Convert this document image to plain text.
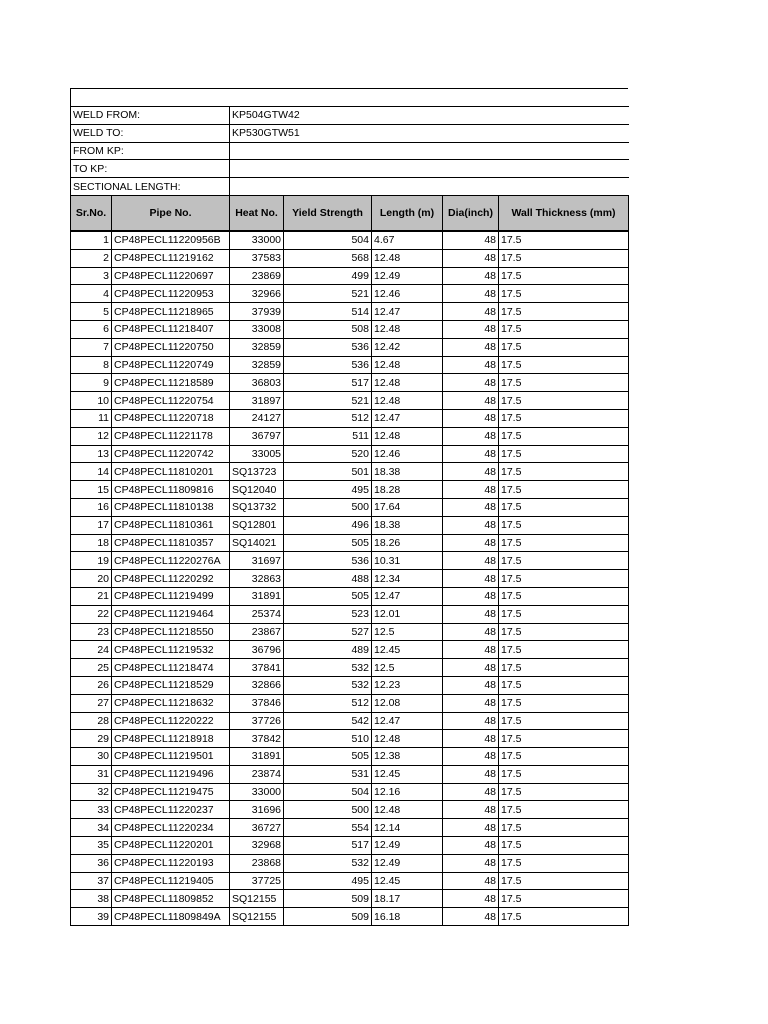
WELD FROM:	KP504GTW42
WELD TO:	KP530GTW51
FROM KP:	
TO KP:	
SECTIONAL LENGTH:	
Sr.No.	Pipe No.	Heat No.	Yield Strength	Length (m)	Dia(inch)	Wall Thickness (mm)
1	CP48PECL11220956B	33000	504	4.67	48	17.5
2	CP48PECL11219162	37583	568	12.48	48	17.5
3	CP48PECL11220697	23869	499	12.49	48	17.5
4	CP48PECL11220953	32966	521	12.46	48	17.5
5	CP48PECL11218965	37939	514	12.47	48	17.5
6	CP48PECL11218407	33008	508	12.48	48	17.5
7	CP48PECL11220750	32859	536	12.42	48	17.5
8	CP48PECL11220749	32859	536	12.48	48	17.5
9	CP48PECL11218589	36803	517	12.48	48	17.5
10	CP48PECL11220754	31897	521	12.48	48	17.5
11	CP48PECL11220718	24127	512	12.47	48	17.5
12	CP48PECL11221178	36797	511	12.48	48	17.5
13	CP48PECL11220742	33005	520	12.46	48	17.5
14	CP48PECL11810201	SQ13723	501	18.38	48	17.5
15	CP48PECL11809816	SQ12040	495	18.28	48	17.5
16	CP48PECL11810138	SQ13732	500	17.64	48	17.5
17	CP48PECL11810361	SQ12801	496	18.38	48	17.5
18	CP48PECL11810357	SQ14021	505	18.26	48	17.5
19	CP48PECL11220276A	31697	536	10.31	48	17.5
20	CP48PECL11220292	32863	488	12.34	48	17.5
21	CP48PECL11219499	31891	505	12.47	48	17.5
22	CP48PECL11219464	25374	523	12.01	48	17.5
23	CP48PECL11218550	23867	527	12.5	48	17.5
24	CP48PECL11219532	36796	489	12.45	48	17.5
25	CP48PECL11218474	37841	532	12.5	48	17.5
26	CP48PECL11218529	32866	532	12.23	48	17.5
27	CP48PECL11218632	37846	512	12.08	48	17.5
28	CP48PECL11220222	37726	542	12.47	48	17.5
29	CP48PECL11218918	37842	510	12.48	48	17.5
30	CP48PECL11219501	31891	505	12.38	48	17.5
31	CP48PECL11219496	23874	531	12.45	48	17.5
32	CP48PECL11219475	33000	504	12.16	48	17.5
33	CP48PECL11220237	31696	500	12.48	48	17.5
34	CP48PECL11220234	36727	554	12.14	48	17.5
35	CP48PECL11220201	32968	517	12.49	48	17.5
36	CP48PECL11220193	23868	532	12.49	48	17.5
37	CP48PECL11219405	37725	495	12.45	48	17.5
38	CP48PECL11809852	SQ12155	509	18.17	48	17.5
39	CP48PECL11809849A	SQ12155	509	16.18	48	17.5
